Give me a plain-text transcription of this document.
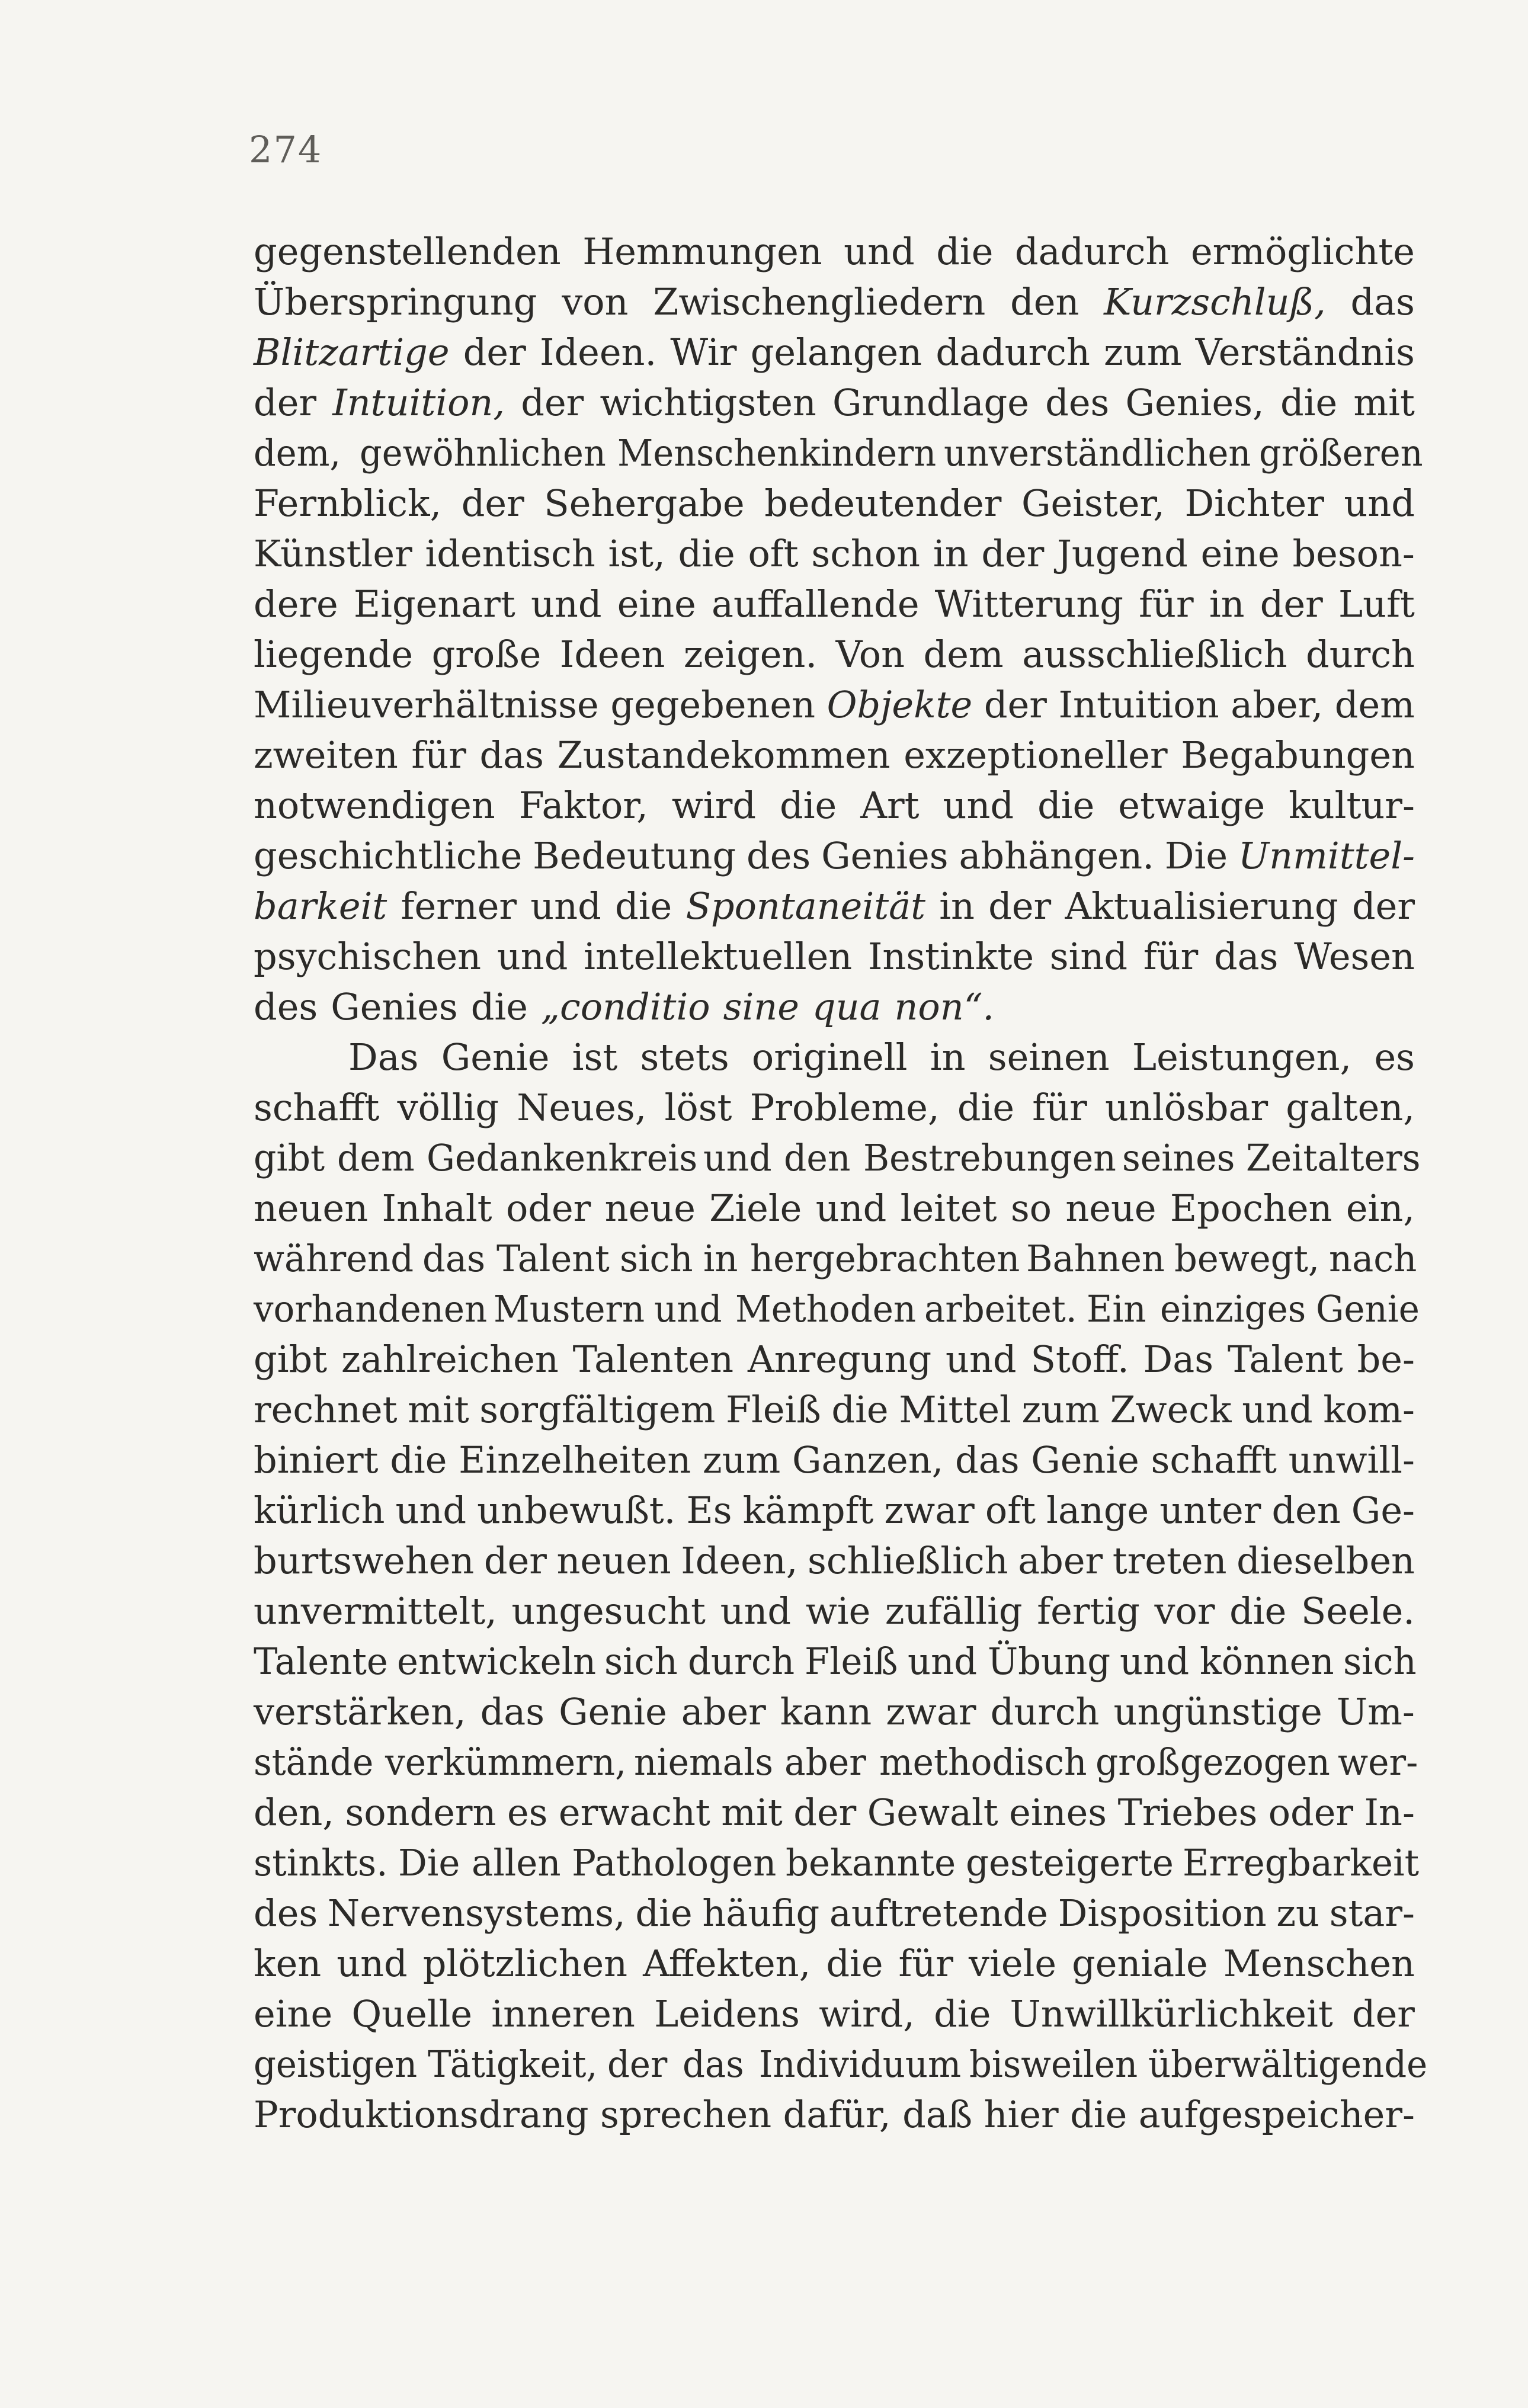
274
gegenstellenden Hemmungen und die dadurch ermöglichte
Überspringung von Zwischengliedern den Kurzschluß, das
Blitzartige der Ideen. Wir gelangen dadurch zum Verständnis
der Intuition, der wichtigsten Grundlage des Genies, die mit
dem, gewöhnlichen Menschenkindern unverständlichen größeren
Fernblick, der Sehergabe bedeutender Geister, Dichter und
Künstler identisch ist, die oft schon in der Jugend eine beson-
dere Eigenart und eine auffallende Witterung für in der Luft
liegende große Ideen zeigen. Von dem ausschließlich durch
Milieuverhältnisse gegebenen Objekte der Intuition aber, dem
zweiten für das Zustandekommen exzeptioneller Begabungen
notwendigen Faktor, wird die Art und die etwaige kultur-
geschichtliche Bedeutung des Genies abhängen. Die Unmittel-
barkeit ferner und die Spontaneität in der Aktualisierung der
psychischen und intellektuellen Instinkte sind für das Wesen
des Genies die „conditio sine qua non“.
Das Genie ist stets originell in seinen Leistungen, es
schafft völlig Neues, löst Probleme, die für unlösbar galten,
gibt dem Gedankenkreis und den Bestrebungen seines Zeitalters
neuen Inhalt oder neue Ziele und leitet so neue Epochen ein,
während das Talent sich in hergebrachten Bahnen bewegt, nach
vorhandenen Mustern und Methoden arbeitet. Ein einziges Genie
gibt zahlreichen Talenten Anregung und Stoff. Das Talent be-
rechnet mit sorgfältigem Fleiß die Mittel zum Zweck und kom-
biniert die Einzelheiten zum Ganzen, das Genie schafft unwill-
kürlich und unbewußt. Es kämpft zwar oft lange unter den Ge-
burtswehen der neuen Ideen, schließlich aber treten dieselben
unvermittelt, ungesucht und wie zufällig fertig vor die Seele.
Talente entwickeln sich durch Fleiß und Übung und können sich
verstärken, das Genie aber kann zwar durch ungünstige Um-
stände verkümmern, niemals aber methodisch großgezogen wer-
den, sondern es erwacht mit der Gewalt eines Triebes oder In-
stinkts. Die allen Pathologen bekannte gesteigerte Erregbarkeit
des Nervensystems, die häufig auftretende Disposition zu star-
ken und plötzlichen Affekten, die für viele geniale Menschen
eine Quelle inneren Leidens wird, die Unwillkürlichkeit der
geistigen Tätigkeit, der das Individuum bisweilen überwältigende
Produktionsdrang sprechen dafür, daß hier die aufgespeicher-
